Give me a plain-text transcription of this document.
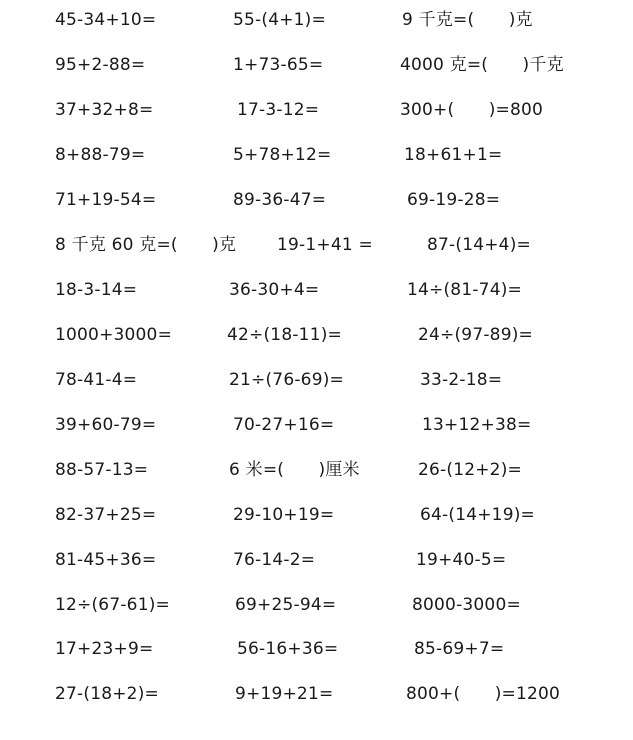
45-34+10=	55-(4+1)=	9 千克=(　　)克
95+2-88=	1+73-65=	4000 克=(　　)千克
37+32+8=	17-3-12=	300+(　　)=800
8+88-79=	5+78+12=	18+61+1=
71+19-54=	89-36-47=	69-19-28=
8 千克 60 克=(　　)克 19-1+41 =	87-(14+4)=
18-3-14=	36-30+4=	14÷(81-74)=
1000+3000=	42÷(18-11)=	24÷(97-89)=
78-41-4=	21÷(76-69)=	33-2-18=
39+60-79=	70-27+16=	13+12+38=
88-57-13=	6 米=(　　)厘米	26-(12+2)=
82-37+25=	29-10+19=	64-(14+19)=
81-45+36=	76-14-2=	19+40-5=
12÷(67-61)=	69+25-94=	8000-3000=
17+23+9=	56-16+36=	85-69+7=
27-(18+2)=	9+19+21=	800+(　　)=1200
